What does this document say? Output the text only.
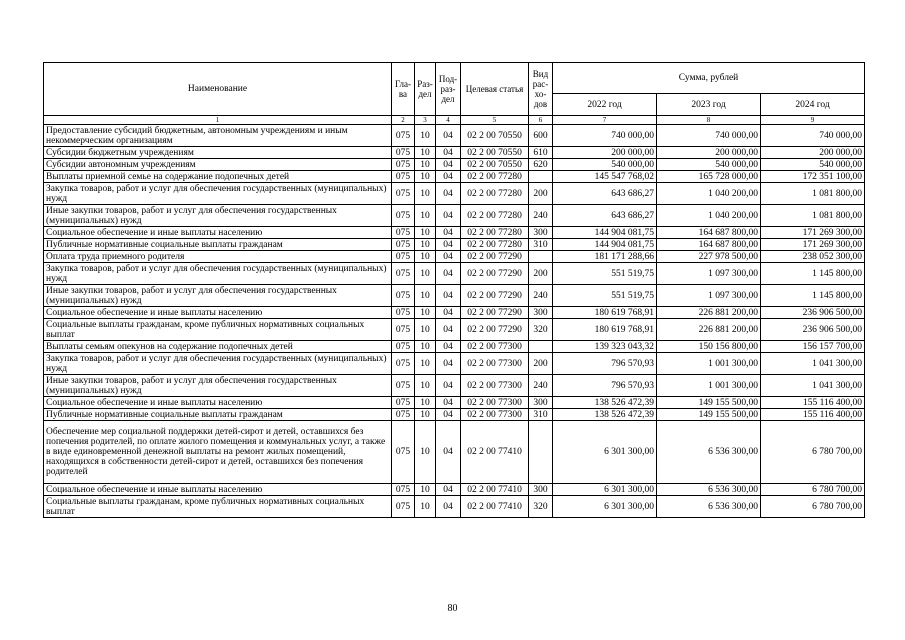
Наименование	Гла-ва	Раз-дел	Под-раз-дел	Целевая статья	Вид рас-хо-дов	Сумма, рублей		
						2022 год	2023 год	2024 год
1	2	3	4	5	6	7	8	9
Предоставление субсидий бюджетным, автономным учреждениям и иным некоммерческим организациям	075	10	04	02 2 00 70550	600	740 000,00	740 000,00	740 000,00
Субсидии бюджетным учреждениям	075	10	04	02 2 00 70550	610	200 000,00	200 000,00	200 000,00
Субсидии автономным учреждениям	075	10	04	02 2 00 70550	620	540 000,00	540 000,00	540 000,00
Выплаты приемной семье на содержание подопечных детей	075	10	04	02 2 00 77280		145 547 768,02	165 728 000,00	172 351 100,00
Закупка товаров, работ и услуг для обеспечения государственных (муниципальных) нужд	075	10	04	02 2 00 77280	200	643 686,27	1 040 200,00	1 081 800,00
Иные закупки товаров, работ и услуг для обеспечения государственных (муниципальных) нужд	075	10	04	02 2 00 77280	240	643 686,27	1 040 200,00	1 081 800,00
Социальное обеспечение и иные выплаты населению	075	10	04	02 2 00 77280	300	144 904 081,75	164 687 800,00	171 269 300,00
Публичные нормативные социальные выплаты гражданам	075	10	04	02 2 00 77280	310	144 904 081,75	164 687 800,00	171 269 300,00
Оплата труда приемного родителя	075	10	04	02 2 00 77290		181 171 288,66	227 978 500,00	238 052 300,00
Закупка товаров, работ и услуг для обеспечения государственных (муниципальных) нужд	075	10	04	02 2 00 77290	200	551 519,75	1 097 300,00	1 145 800,00
Иные закупки товаров, работ и услуг для обеспечения государственных (муниципальных) нужд	075	10	04	02 2 00 77290	240	551 519,75	1 097 300,00	1 145 800,00
Социальное обеспечение и иные выплаты населению	075	10	04	02 2 00 77290	300	180 619 768,91	226 881 200,00	236 906 500,00
Социальные выплаты гражданам, кроме публичных нормативных социальных выплат	075	10	04	02 2 00 77290	320	180 619 768,91	226 881 200,00	236 906 500,00
Выплаты семьям опекунов на содержание подопечных детей	075	10	04	02 2 00 77300		139 323 043,32	150 156 800,00	156 157 700,00
Закупка товаров, работ и услуг для обеспечения государственных (муниципальных) нужд	075	10	04	02 2 00 77300	200	796 570,93	1 001 300,00	1 041 300,00
Иные закупки товаров, работ и услуг для обеспечения государственных (муниципальных) нужд	075	10	04	02 2 00 77300	240	796 570,93	1 001 300,00	1 041 300,00
Социальное обеспечение и иные выплаты населению	075	10	04	02 2 00 77300	300	138 526 472,39	149 155 500,00	155 116 400,00
Публичные нормативные социальные выплаты гражданам	075	10	04	02 2 00 77300	310	138 526 472,39	149 155 500,00	155 116 400,00
Обеспечение мер социальной поддержки детей-сирот и детей, оставшихся без попечения родителей, по оплате жилого помещения и коммунальных услуг, а также в виде единовременной денежной выплаты на ремонт жилых помещений, находящихся в собственности детей-сирот и детей, оставшихся без попечения родителей	075	10	04	02 2 00 77410		6 301 300,00	6 536 300,00	6 780 700,00
Социальное обеспечение и иные выплаты населению	075	10	04	02 2 00 77410	300	6 301 300,00	6 536 300,00	6 780 700,00
Социальные выплаты гражданам, кроме публичных нормативных социальных выплат	075	10	04	02 2 00 77410	320	6 301 300,00	6 536 300,00	6 780 700,00
80
